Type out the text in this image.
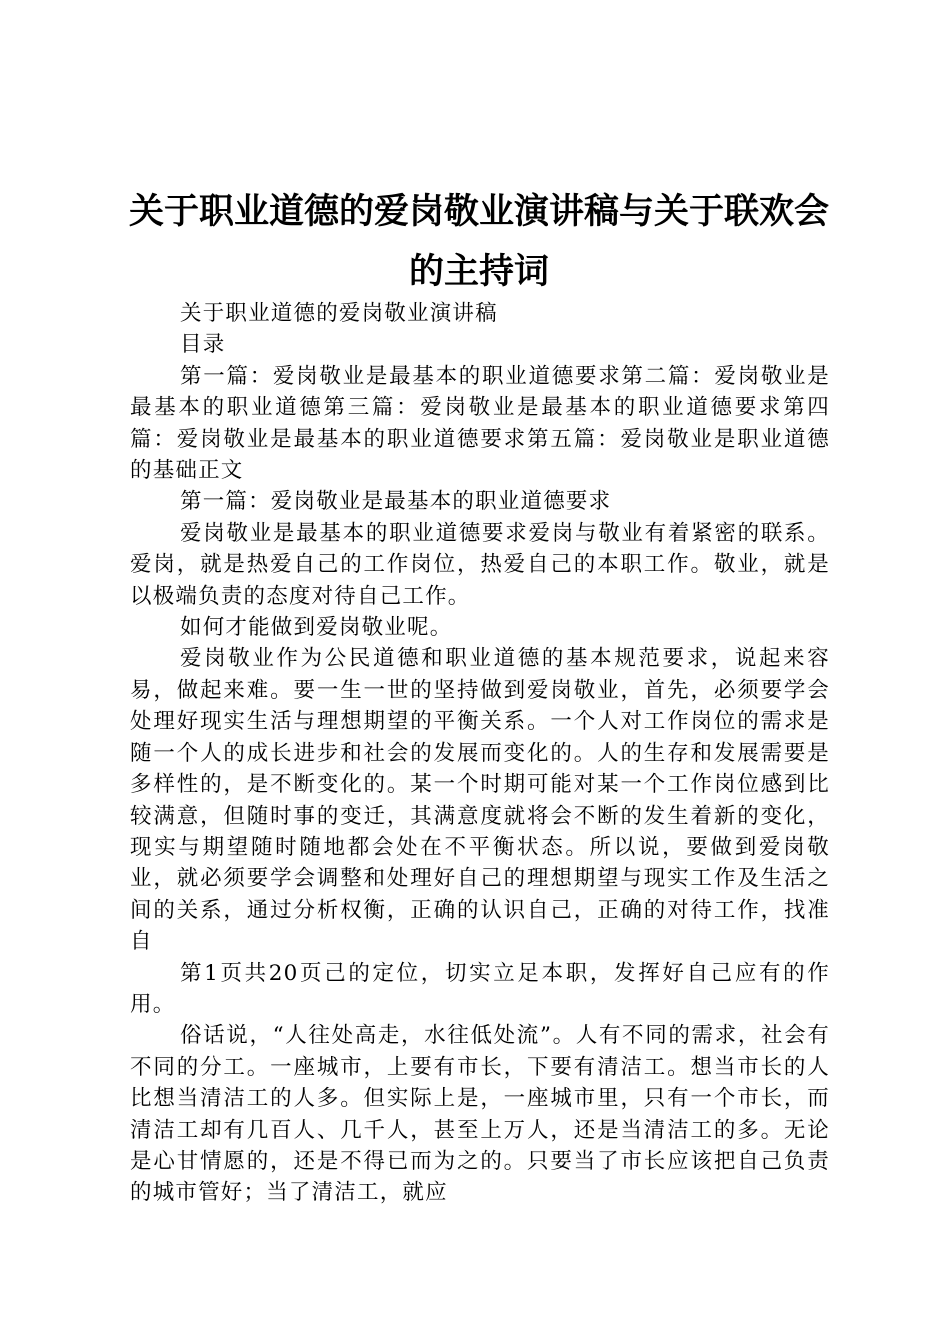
关于职业道德的爱岗敬业演讲稿与关于联欢会的主持词

关于职业道德的爱岗敬业演讲稿

目录

第一篇：爱岗敬业是最基本的职业道德要求第二篇：爱岗敬业是最基本的职业道德第三篇：爱岗敬业是最基本的职业道德要求第四篇：爱岗敬业是最基本的职业道德要求第五篇：爱岗敬业是职业道德的基础正文

第一篇：爱岗敬业是最基本的职业道德要求

爱岗敬业是最基本的职业道德要求爱岗与敬业有着紧密的联系。爱岗，就是热爱自己的工作岗位，热爱自己的本职工作。敬业，就是以极端负责的态度对待自己工作。

如何才能做到爱岗敬业呢。

爱岗敬业作为公民道德和职业道德的基本规范要求，说起来容易，做起来难。要一生一世的坚持做到爱岗敬业，首先，必须要学会处理好现实生活与理想期望的平衡关系。一个人对工作岗位的需求是随一个人的成长进步和社会的发展而变化的。人的生存和发展需要是多样性的，是不断变化的。某一个时期可能对某一个工作岗位感到比较满意，但随时事的变迁，其满意度就将会不断的发生着新的变化，现实与期望随时随地都会处在不平衡状态。所以说，要做到爱岗敬业，就必须要学会调整和处理好自己的理想期望与现实工作及生活之间的关系，通过分析权衡，正确的认识自己，正确的对待工作，找准自

第1页共20页己的定位，切实立足本职，发挥好自己应有的作用。

俗话说，“人往处高走，水往低处流”。人有不同的需求，社会有不同的分工。一座城市，上要有市长，下要有清洁工。想当市长的人比想当清洁工的人多。但实际上是，一座城市里，只有一个市长，而清洁工却有几百人、几千人，甚至上万人，还是当清洁工的多。无论是心甘情愿的，还是不得已而为之的。只要当了市长应该把自己负责的城市管好；当了清洁工，就应
